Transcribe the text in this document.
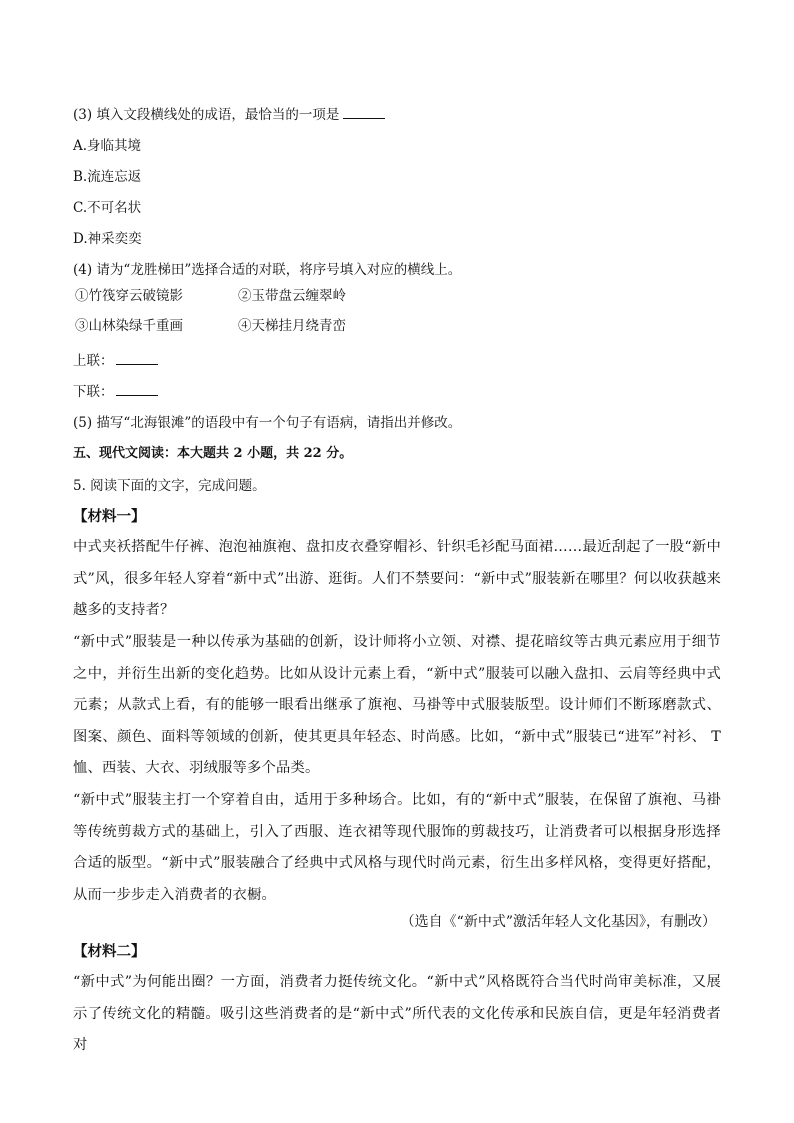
(3) 填入文段横线处的成语，最恰当的一项是
A.身临其境
B.流连忘返
C.不可名状
D.神采奕奕
(4) 请为“龙胜梯田”选择合适的对联，将序号填入对应的横线上。
①竹筏穿云破镜影	②玉带盘云缠翠岭
③山林染绿千重画	④天梯挂月绕青峦
上联：
下联：
(5) 描写“北海银滩”的语段中有一个句子有语病，请指出并修改。
五、现代文阅读：本大题共 2 小题，共 22 分。
5. 阅读下面的文字，完成问题。
【材料一】
中式夹袄搭配牛仔裤、泡泡袖旗袍、盘扣皮衣叠穿帽衫、针织毛衫配马面裙……最近刮起了一股“新中式”风，很多年轻人穿着“新中式”出游、逛街。人们不禁要问：“新中式”服装新在哪里？何以收获越来越多的支持者？
“新中式”服装是一种以传承为基础的创新，设计师将小立领、对襟、提花暗纹等古典元素应用于细节之中，并衍生出新的变化趋势。比如从设计元素上看，“新中式”服装可以融入盘扣、云肩等经典中式元素；从款式上看，有的能够一眼看出继承了旗袍、马褂等中式服装版型。设计师们不断琢磨款式、图案、颜色、面料等领域的创新，使其更具年轻态、时尚感。比如，“新中式”服装已“进军”衬衫、 T恤、西装、大衣、羽绒服等多个品类。
“新中式”服装主打一个穿着自由，适用于多种场合。比如，有的“新中式”服装，在保留了旗袍、马褂等传统剪裁方式的基础上，引入了西服、连衣裙等现代服饰的剪裁技巧，让消费者可以根据身形选择合适的版型。“新中式”服装融合了经典中式风格与现代时尚元素，衍生出多样风格，变得更好搭配，从而一步步走入消费者的衣橱。
（选自《“新中式”激活年轻人文化基因》，有删改）
【材料二】
“新中式”为何能出圈？一方面，消费者力挺传统文化。“新中式”风格既符合当代时尚审美标准，又展示了传统文化的精髓。吸引这些消费者的是“新中式”所代表的文化传承和民族自信，更是年轻消费者对
